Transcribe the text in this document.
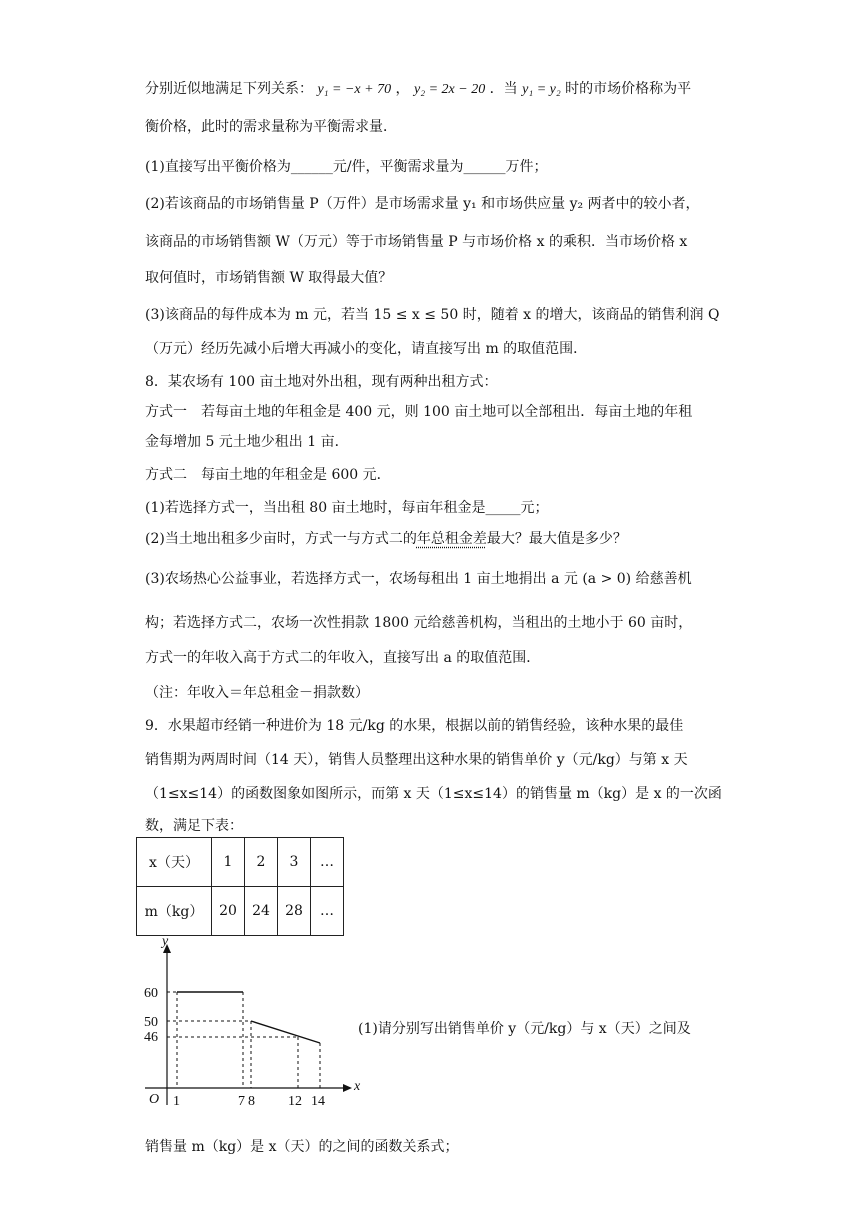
分别近似地满足下列关系： y₁ = −x + 70 ， y₂ = 2x − 20 ．当 y₁ = y₂ 时的市场价格称为平
衡价格，此时的需求量称为平衡需求量．
(1)直接写出平衡价格为______元/件，平衡需求量为______万件；
(2)若该商品的市场销售量 P（万件）是市场需求量 y₁ 和市场供应量 y₂ 两者中的较小者，
该商品的市场销售额 W（万元）等于市场销售量 P 与市场价格 x 的乘积．当市场价格 x
取何值时，市场销售额 W 取得最大值？
(3)该商品的每件成本为 m 元，若当 15 ≤ x ≤ 50 时，随着 x 的增大，该商品的销售利润 Q
（万元）经历先减小后增大再减小的变化，请直接写出 m 的取值范围．
8．某农场有 100 亩土地对外出租，现有两种出租方式：
方式一　若每亩土地的年租金是 400 元，则 100 亩土地可以全部租出．每亩土地的年租
金每增加 5 元土地少租出 1 亩．
方式二　每亩土地的年租金是 600 元．
(1)若选择方式一，当出租 80 亩土地时，每亩年租金是_____元；
(2)当土地出租多少亩时，方式一与方式二的年总租金差最大？最大值是多少？
(3)农场热心公益事业，若选择方式一，农场每租出 1 亩土地捐出 a 元 (a > 0) 给慈善机
构；若选择方式二，农场一次性捐款 1800 元给慈善机构，当租出的土地小于 60 亩时，
方式一的年收入高于方式二的年收入，直接写出 a 的取值范围．
（注：年收入＝年总租金－捐款数）
9．水果超市经销一种进价为 18 元/kg 的水果，根据以前的销售经验，该种水果的最佳
销售期为两周时间（14 天），销售人员整理出这种水果的销售单价 y（元/kg）与第 x 天
（1≤x≤14）的函数图象如图所示，而第 x 天（1≤x≤14）的销售量 m（kg）是 x 的一次函
数，满足下表：
x（天）	1	2	3	…
m（kg）	20	24	28	…
y
x
O
60
50
46
1	7 8 12 14
(1)请分别写出销售单价 y（元/kg）与 x（天）之间及
销售量 m（kg）是 x（天）的之间的函数关系式；
